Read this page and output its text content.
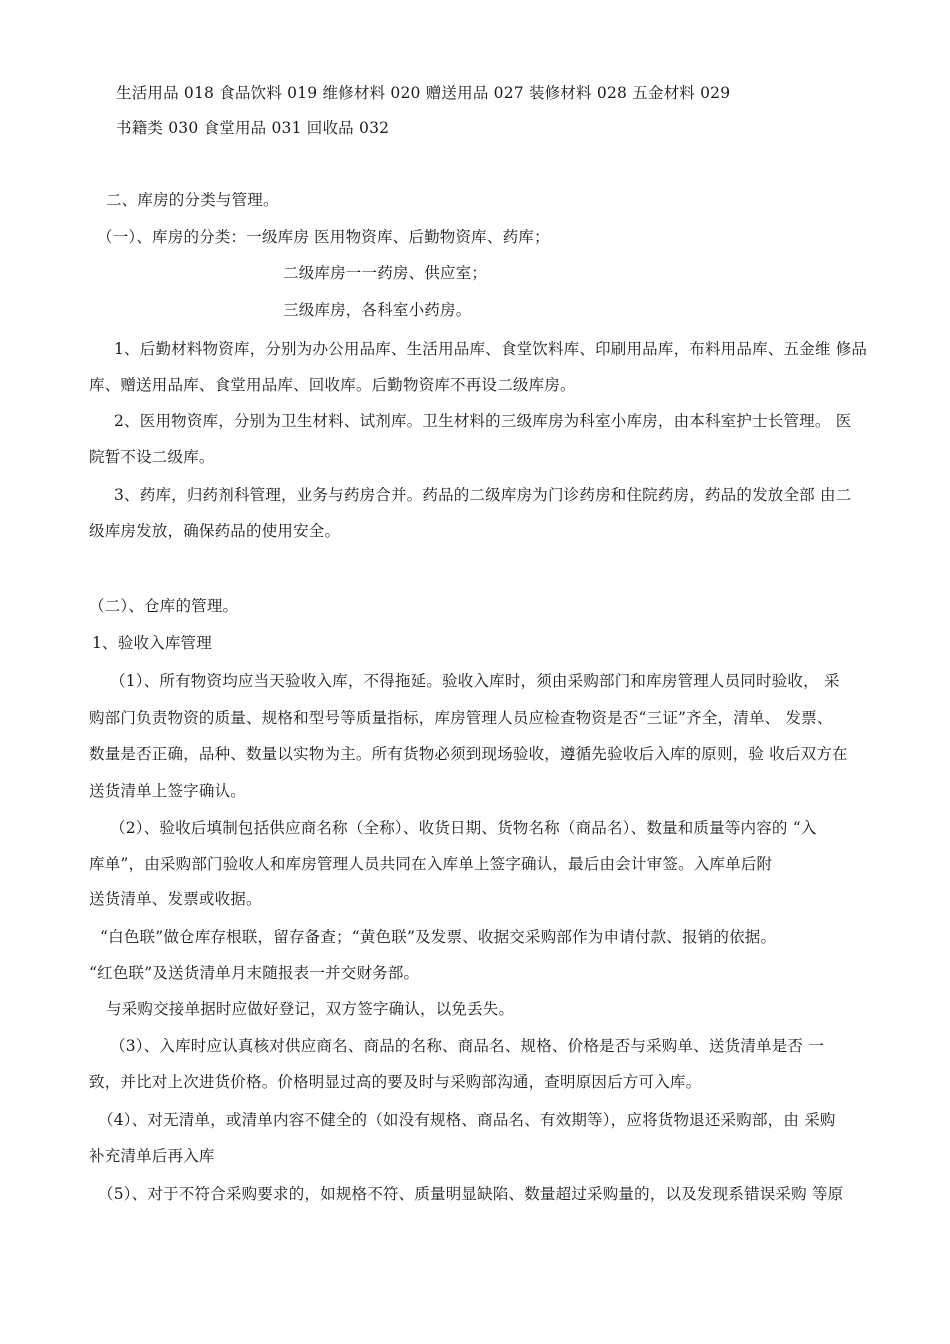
生活用品 018 食品饮料 019 维修材料 020 赠送用品 027 装修材料 028 五金材料 029
书籍类 030 食堂用品 031 回收品 032
二、库房的分类与管理。
（一）、库房的分类：一级库房 医用物资库、后勤物资库、药库；
二级库房一一药房、供应室；
三级库房，各科室小药房。
1、后勤材料物资库，分别为办公用品库、生活用品库、食堂饮料库、印刷用品库，布料用品库、五金维 修品
库、赠送用品库、食堂用品库、回收库。后勤物资库不再设二级库房。
2、医用物资库，分别为卫生材料、试剂库。卫生材料的三级库房为科室小库房，由本科室护士长管理。 医
院暂不设二级库。
3、药库，归药剂科管理，业务与药房合并。药品的二级库房为门诊药房和住院药房，药品的发放全部 由二
级库房发放，确保药品的使用安全。
（二）、仓库的管理。
1、验收入库管理
（1）、所有物资均应当天验收入库，不得拖延。验收入库时，须由采购部门和库房管理人员同时验收， 采
购部门负责物资的质量、规格和型号等质量指标，库房管理人员应检查物资是否“三证”齐全，清单、 发票、
数量是否正确，品种、数量以实物为主。所有货物必须到现场验收，遵循先验收后入库的原则，验 收后双方在
送货清单上签字确认。
（2）、验收后填制包括供应商名称（全称）、收货日期、货物名称（商品名）、数量和质量等内容的 “入
库单”，由采购部门验收人和库房管理人员共同在入库单上签字确认，最后由会计审签。入库单后附
送货清单、发票或收据。
“白色联”做仓库存根联，留存备查；“黄色联”及发票、收据交采购部作为申请付款、报销的依据。
“红色联”及送货清单月末随报表一并交财务部。
与采购交接单据时应做好登记，双方签字确认，以免丢失。
（3）、入库时应认真核对供应商名、商品的名称、商品名、规格、价格是否与采购单、送货清单是否 一
致，并比对上次进货价格。价格明显过高的要及时与采购部沟通，查明原因后方可入库。
（4）、对无清单，或清单内容不健全的（如没有规格、商品名、有效期等），应将货物退还采购部，由 采购
补充清单后再入库
（5）、对于不符合采购要求的，如规格不符、质量明显缺陷、数量超过采购量的，以及发现系错误采购 等原
